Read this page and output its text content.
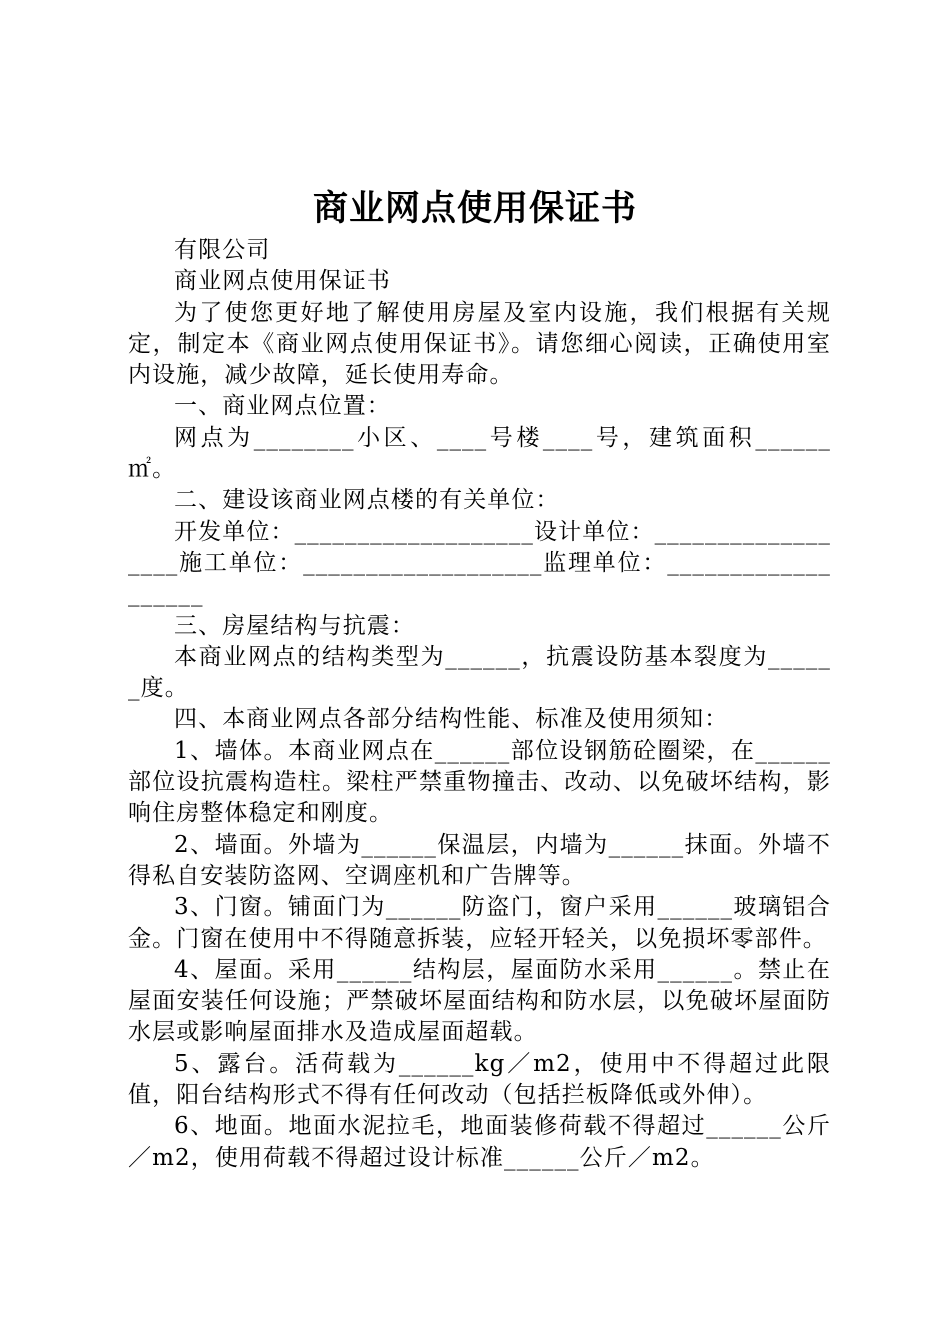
商业网点使用保证书

有限公司

商业网点使用保证书

为了使您更好地了解使用房屋及室内设施，我们根据有关规定，制定本《商业网点使用保证书》。请您细心阅读，正确使用室内设施，减少故障，延长使用寿命。

一、商业网点位置：

网点为________小区、____号楼____号，建筑面积______㎡。

二、建设该商业网点楼的有关单位：

开发单位：___________________设计单位：__________________施工单位：___________________监理单位：___________________

三、房屋结构与抗震：

本商业网点的结构类型为______，抗震设防基本裂度为______度。

四、本商业网点各部分结构性能、标准及使用须知：

1、墙体。本商业网点在______部位设钢筋砼圈梁，在______部位设抗震构造柱。梁柱严禁重物撞击、改动、以免破坏结构，影响住房整体稳定和刚度。

2、墙面。外墙为______保温层，内墙为______抹面。外墙不得私自安装防盗网、空调座机和广告牌等。

3、门窗。铺面门为______防盗门，窗户采用______玻璃铝合金。门窗在使用中不得随意拆装，应轻开轻关，以免损坏零部件。

4、屋面。采用______结构层，屋面防水采用______。禁止在屋面安装任何设施；严禁破坏屋面结构和防水层，以免破坏屋面防水层或影响屋面排水及造成屋面超载。

5、露台。活荷载为______kg／m2，使用中不得超过此限值，阳台结构形式不得有任何改动（包括拦板降低或外伸）。

6、地面。地面水泥拉毛，地面装修荷载不得超过______公斤／m2，使用荷载不得超过设计标准______公斤／m2。
